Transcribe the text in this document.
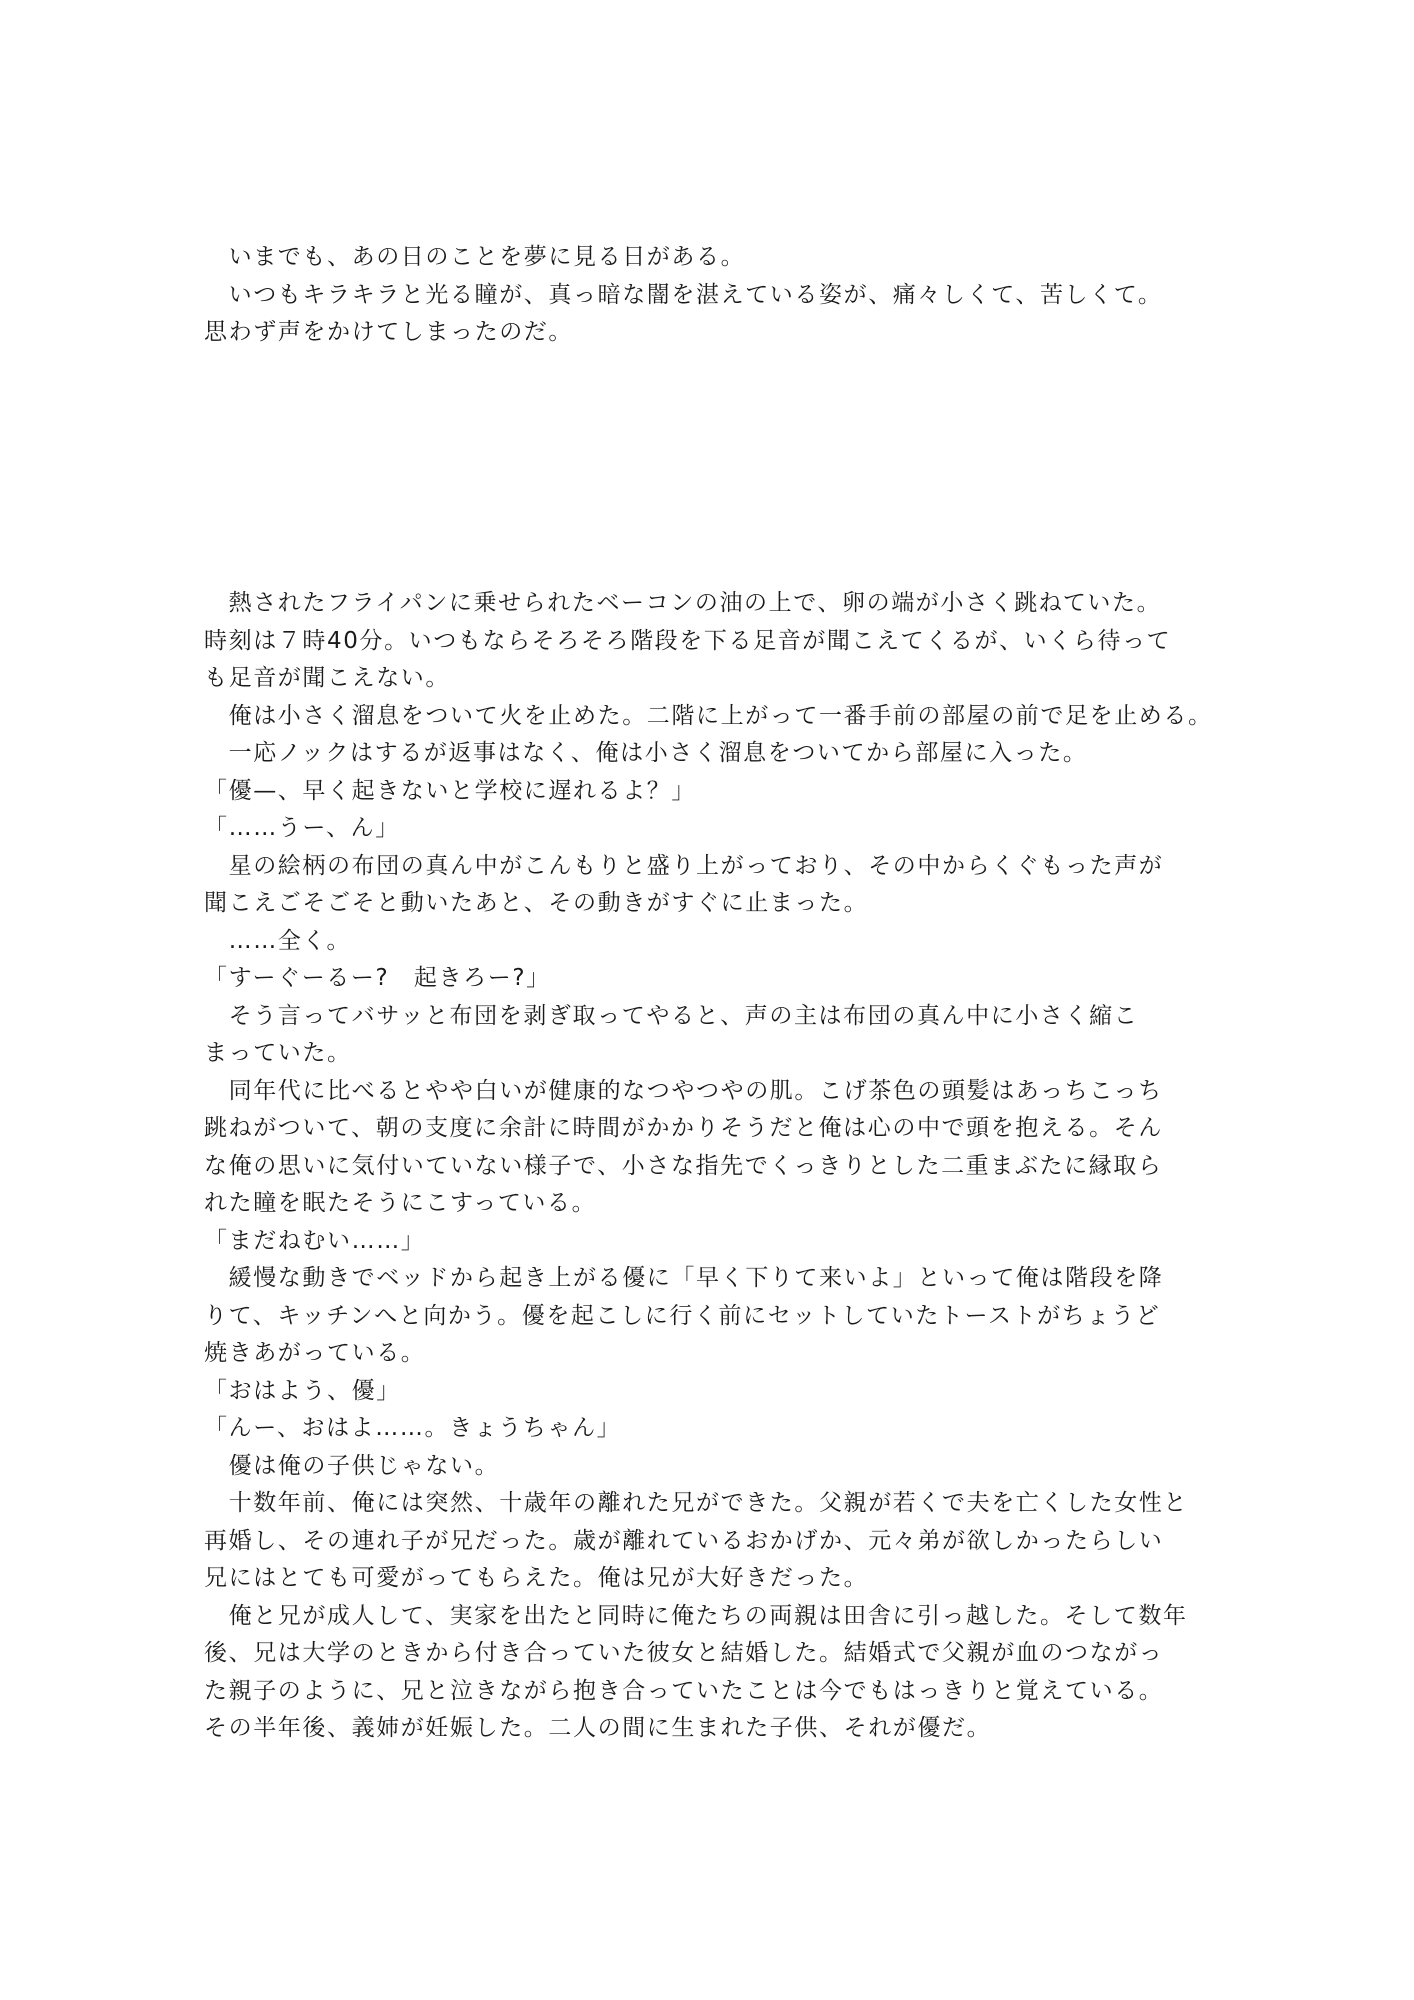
　いまでも、あの日のことを夢に見る日がある。

　いつもキラキラと光る瞳が、真っ暗な闇を湛えている姿が、痛々しくて、苦しくて。
思わず声をかけてしまったのだ。

　熱されたフライパンに乗せられたベーコンの油の上で、卵の端が小さく跳ねていた。
時刻は７時40分。いつもならそろそろ階段を下る足音が聞こえてくるが、いくら待って
も足音が聞こえない。

　俺は小さく溜息をついて火を止めた。二階に上がって一番手前の部屋の前で足を止める。

　一応ノックはするが返事はなく、俺は小さく溜息をついてから部屋に入った。

「優—、早く起きないと学校に遅れるよ？」

「……うー、ん」

　星の絵柄の布団の真ん中がこんもりと盛り上がっており、その中からくぐもった声が
聞こえごそごそと動いたあと、その動きがすぐに止まった。

　……全く。

「すーぐーるー?　起きろー?」

　そう言ってバサッと布団を剥ぎ取ってやると、声の主は布団の真ん中に小さく縮こ
まっていた。

　同年代に比べるとやや白いが健康的なつやつやの肌。こげ茶色の頭髪はあっちこっち
跳ねがついて、朝の支度に余計に時間がかかりそうだと俺は心の中で頭を抱える。そん
な俺の思いに気付いていない様子で、小さな指先でくっきりとした二重まぶたに縁取ら
れた瞳を眠たそうにこすっている。

「まだねむい……」

　緩慢な動きでベッドから起き上がる優に「早く下りて来いよ」といって俺は階段を降
りて、キッチンへと向かう。優を起こしに行く前にセットしていたトーストがちょうど
焼きあがっている。

「おはよう、優」

「んー、おはよ……。きょうちゃん」

　優は俺の子供じゃない。

　十数年前、俺には突然、十歳年の離れた兄ができた。父親が若くで夫を亡くした女性と
再婚し、その連れ子が兄だった。歳が離れているおかげか、元々弟が欲しかったらしい
兄にはとても可愛がってもらえた。俺は兄が大好きだった。

　俺と兄が成人して、実家を出たと同時に俺たちの両親は田舎に引っ越した。そして数年
後、兄は大学のときから付き合っていた彼女と結婚した。結婚式で父親が血のつながっ
た親子のように、兄と泣きながら抱き合っていたことは今でもはっきりと覚えている。
その半年後、義姉が妊娠した。二人の間に生まれた子供、それが優だ。
